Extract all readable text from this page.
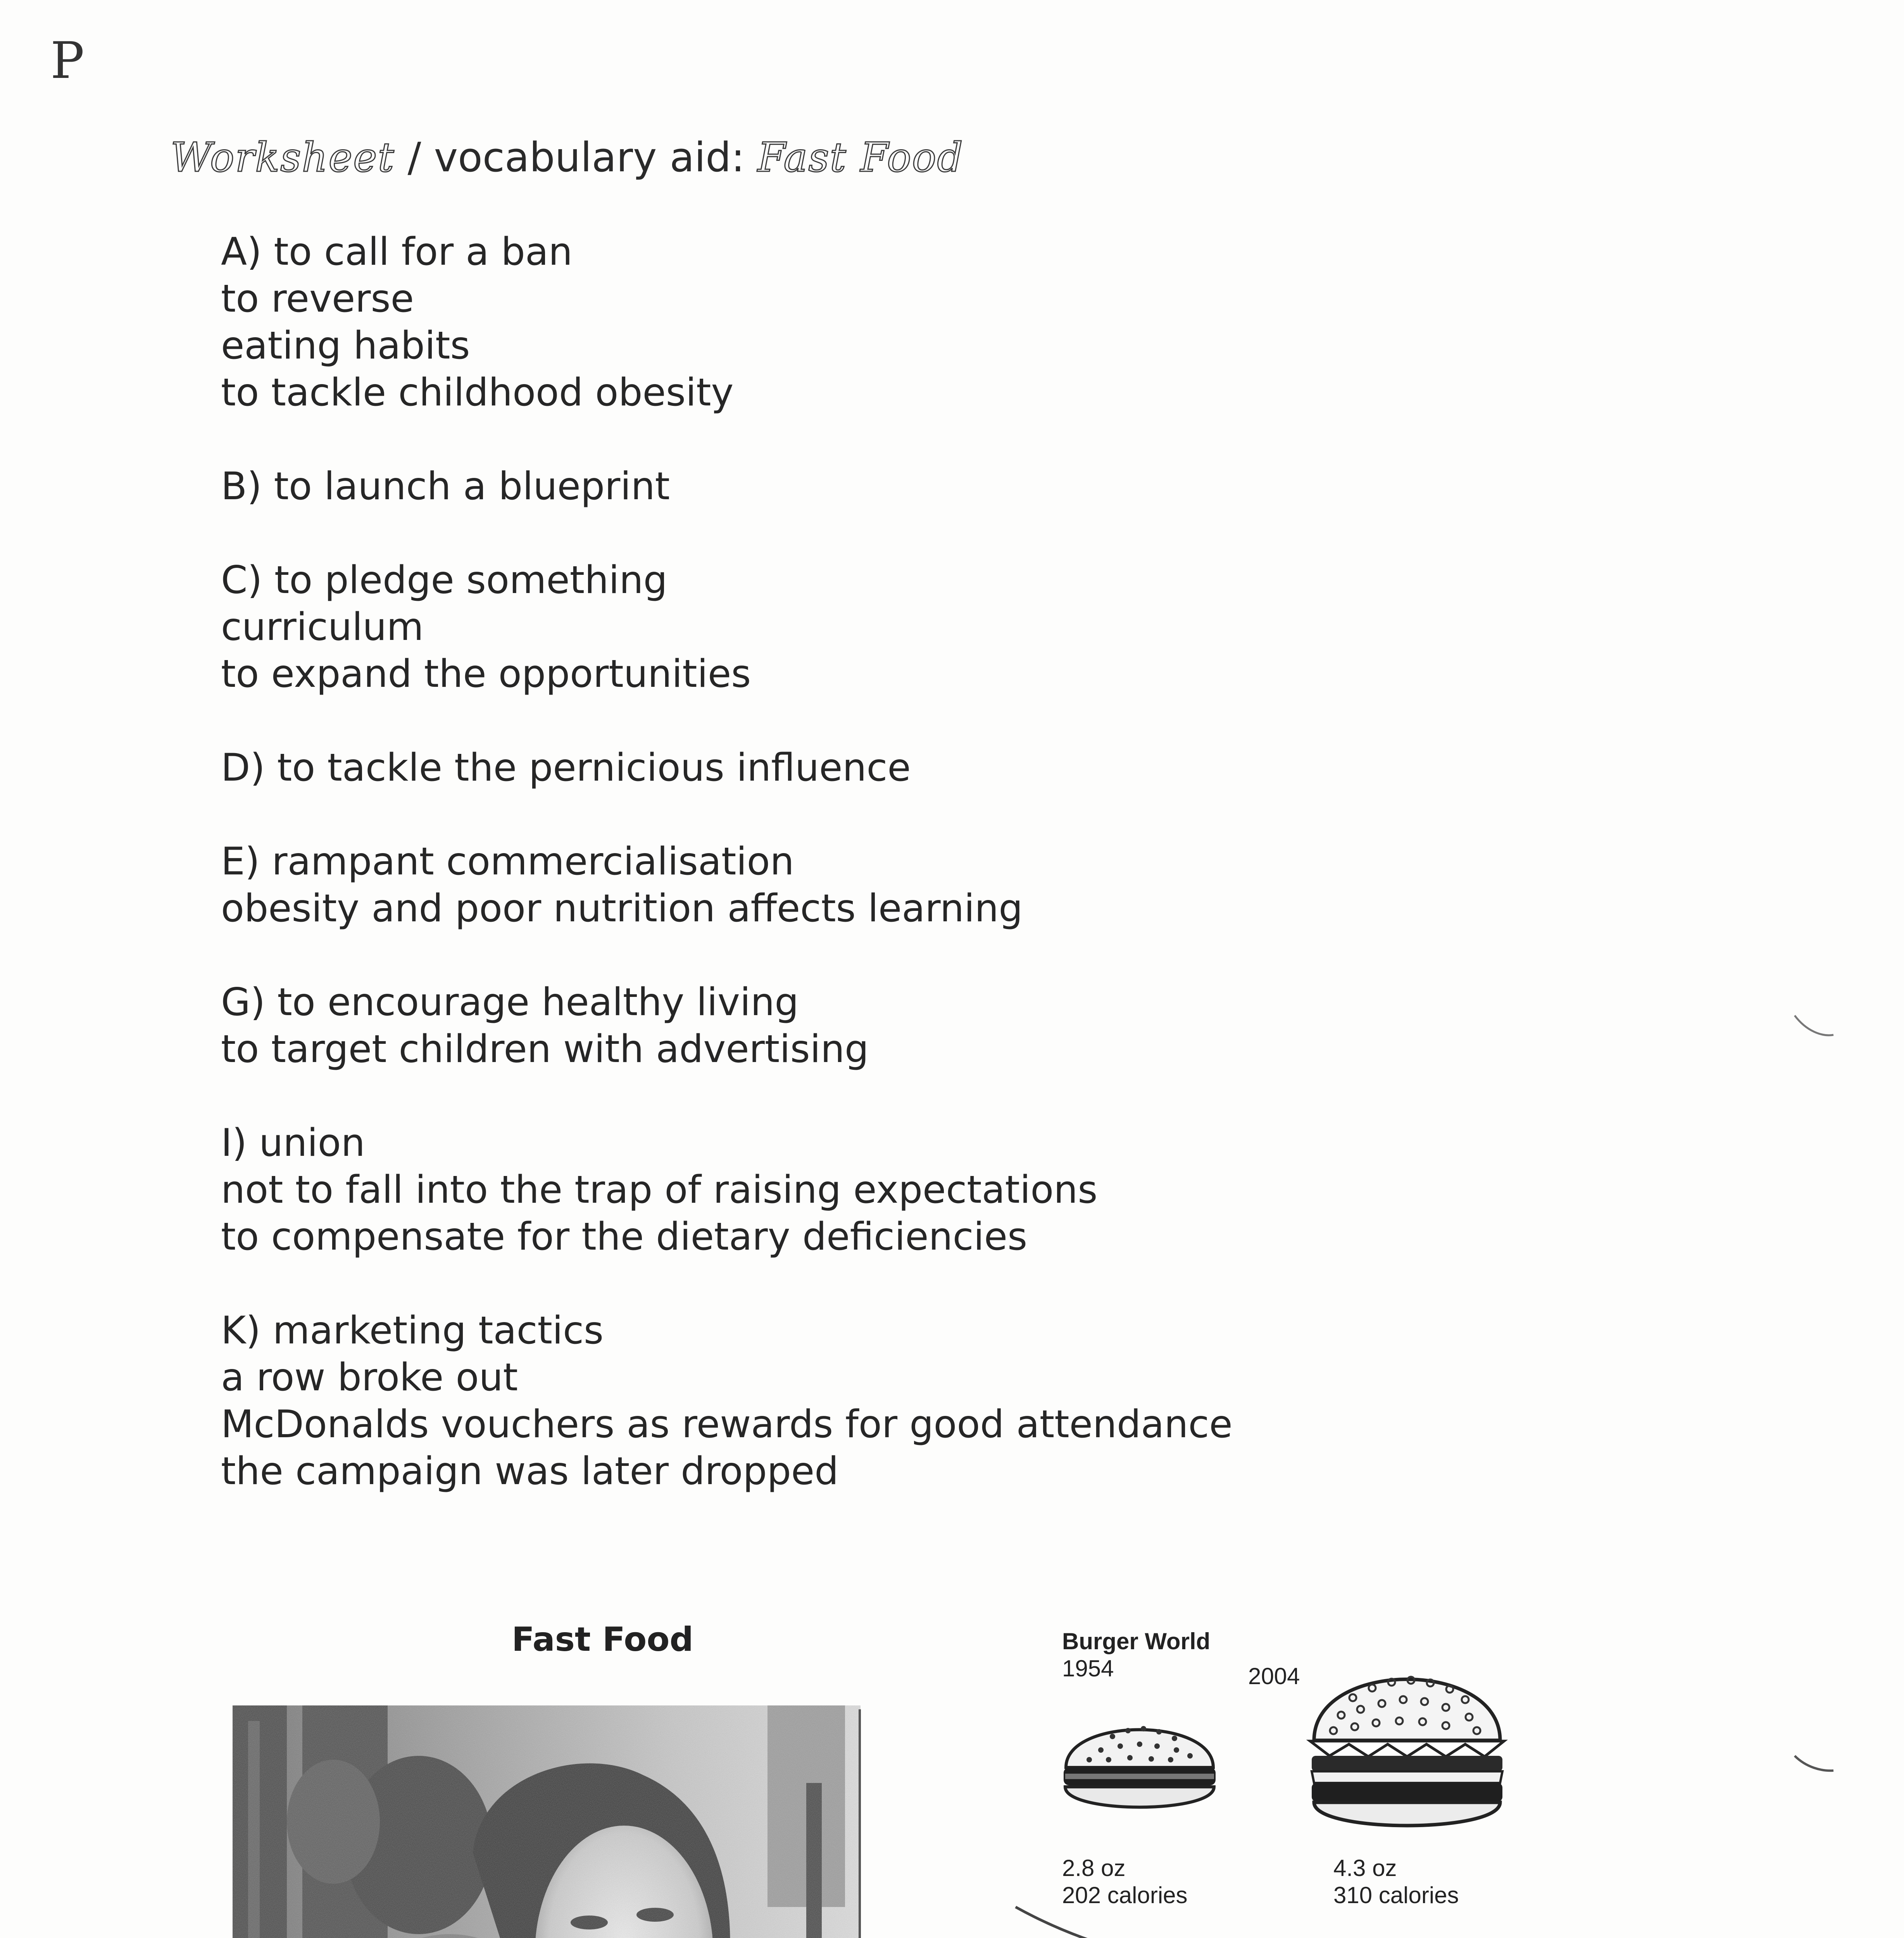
P
Worksheet / vocabulary aid: Fast Food
A) to call for a ban
to reverse
eating habits
to tackle childhood obesity
B) to launch a blueprint
C) to pledge something
curriculum
to expand the opportunities
D) to tackle the pernicious influence
E) rampant commercialisation
obesity and poor nutrition affects learning
G) to encourage healthy living
to target children with advertising
I) union
not to fall into the trap of raising expectations
to compensate for the dietary deficiencies
K) marketing tactics
a row broke out
McDonalds vouchers as rewards for good attendance
the campaign was later dropped
Fast Food	Burger World
1954	2004
2.8 oz
202 calories
4.3 oz
310 calories
